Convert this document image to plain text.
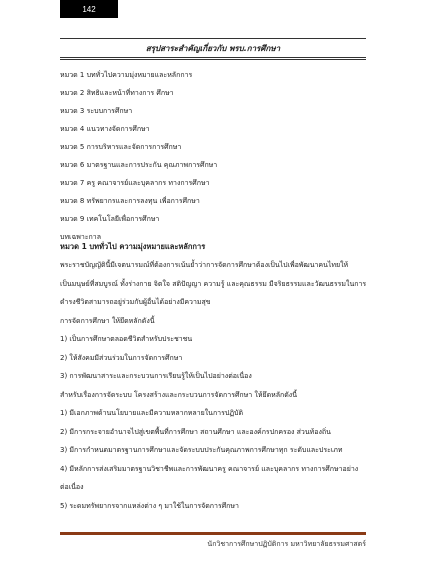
142
สรุปสาระสำคัญเกี่ยวกับ พรบ.การศึกษา
หมวด 1 บททั่วไปความมุ่งหมายและหลักการ
หมวด 2 สิทธิและหน้าที่ทางการ ศึกษา
หมวด 3 ระบบการศึกษา
หมวด 4 แนวทางจัดการศึกษา
หมวด 5 การบริหารและจัดการการศึกษา
หมวด 6 มาตรฐานและการประกัน คุณภาพการศึกษา
หมวด 7 ครู คณาจารย์และบุคลากร ทางการศึกษา
หมวด 8 ทรัพยากรและการลงทุน เพื่อการศึกษา
หมวด 9 เทคโนโลยีเพื่อการศึกษา
บทเฉพาะกาล
หมวด 1 บททั่วไป ความมุ่งหมายและหลักการ
พระราชบัญญัตินี้มีเจตนารมณ์ที่ต้องการเน้นย้ำว่าการจัดการศึกษาต้องเป็นไปเพื่อพัฒนาคนไทยให้
เป็นมนุษย์ที่สมบูรณ์ ทั้งร่างกาย จิตใจ สติปัญญา ความรู้ และคุณธรรม มีจริยธรรมและวัฒนธรรมในการ
ดำรงชีวิตสามารถอยู่ร่วมกับผู้อื่นได้อย่างมีความสุข
การจัดการศึกษา ให้ยึดหลักดังนี้
1) เป็นการศึกษาตลอดชีวิตสำหรับประชาชน
2) ให้สังคมมีส่วนร่วมในการจัดการศึกษา
3) การพัฒนาสาระและกระบวนการเรียนรู้ให้เป็นไปอย่างต่อเนื่อง
สำหรับเรื่องการจัดระบบ โครงสร้างและกระบวนการจัดการศึกษา ให้ยึดหลักดังนี้
1) มีเอกภาพด้านนโยบายและมีความหลากหลายในการปฏิบัติ
2) มีการกระจายอำนาจไปสู่เขตพื้นที่การศึกษา สถานศึกษา และองค์กรปกครอง ส่วนท้องถิ่น
3) มีการกำหนดมาตรฐานการศึกษาและจัดระบบประกันคุณภาพการศึกษาทุก ระดับและประเภท
4) มีหลักการส่งเสริมมาตรฐานวิชาชีพและการพัฒนาครู คณาจารย์ และบุคลากร ทางการศึกษาอย่าง
ต่อเนื่อง
5) ระดมทรัพยากรจากแหล่งต่าง ๆ มาใช้ในการจัดการศึกษา
นักวิชาการศึกษาปฏิบัติการ มหาวิทยาลัยธรรมศาสตร์
